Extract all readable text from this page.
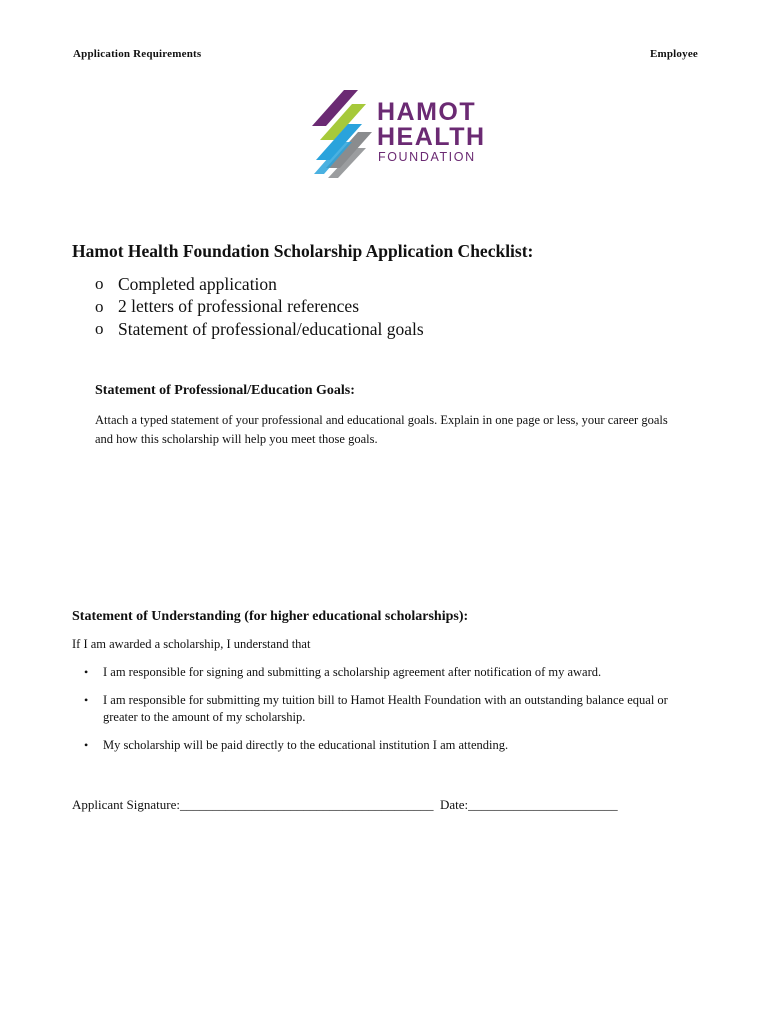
Application Requirements	Employee
HAMOT
HEALTH
FOUNDATION
Hamot Health Foundation Scholarship Application Checklist:
o Completed application
o 2 letters of professional references
o Statement of professional/educational goals
Statement of Professional/Education Goals:

Attach a typed statement of your professional and educational goals. Explain in one page or less, your career goals and how this scholarship will help you meet those goals.

Statement of Understanding (for higher educational scholarships):

If I am awarded a scholarship, I understand that

•	I am responsible for signing and submitting a scholarship agreement after notification of my award.
•	I am responsible for submitting my tuition bill to Hamot Health Foundation with an outstanding balance equal or greater to the amount of my scholarship.
•	My scholarship will be paid directly to the educational institution I am attending.

Applicant Signature:_______________________________________  Date:_______________________
